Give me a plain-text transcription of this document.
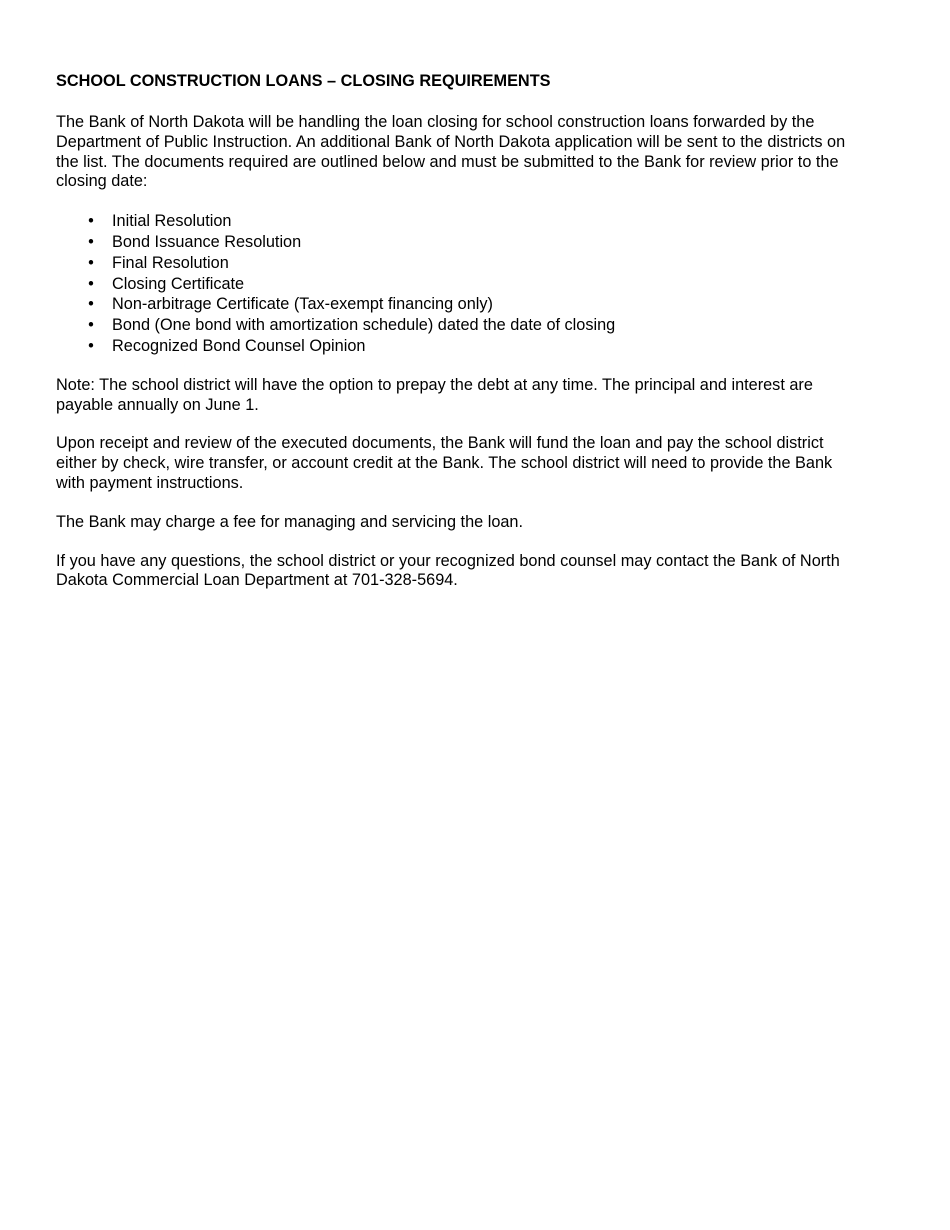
SCHOOL CONSTRUCTION LOANS – CLOSING REQUIREMENTS

The Bank of North Dakota will be handling the loan closing for school construction loans forwarded by the
Department of Public Instruction. An additional Bank of North Dakota application will be sent to the districts on
the list. The documents required are outlined below and must be submitted to the Bank for review prior to the
closing date:

• Initial Resolution
• Bond Issuance Resolution
• Final Resolution
• Closing Certificate
• Non-arbitrage Certificate (Tax-exempt financing only)
• Bond (One bond with amortization schedule) dated the date of closing
• Recognized Bond Counsel Opinion

Note: The school district will have the option to prepay the debt at any time. The principal and interest are
payable annually on June 1.

Upon receipt and review of the executed documents, the Bank will fund the loan and pay the school district
either by check, wire transfer, or account credit at the Bank. The school district will need to provide the Bank
with payment instructions.

The Bank may charge a fee for managing and servicing the loan.

If you have any questions, the school district or your recognized bond counsel may contact the Bank of North
Dakota Commercial Loan Department at 701-328-5694.
